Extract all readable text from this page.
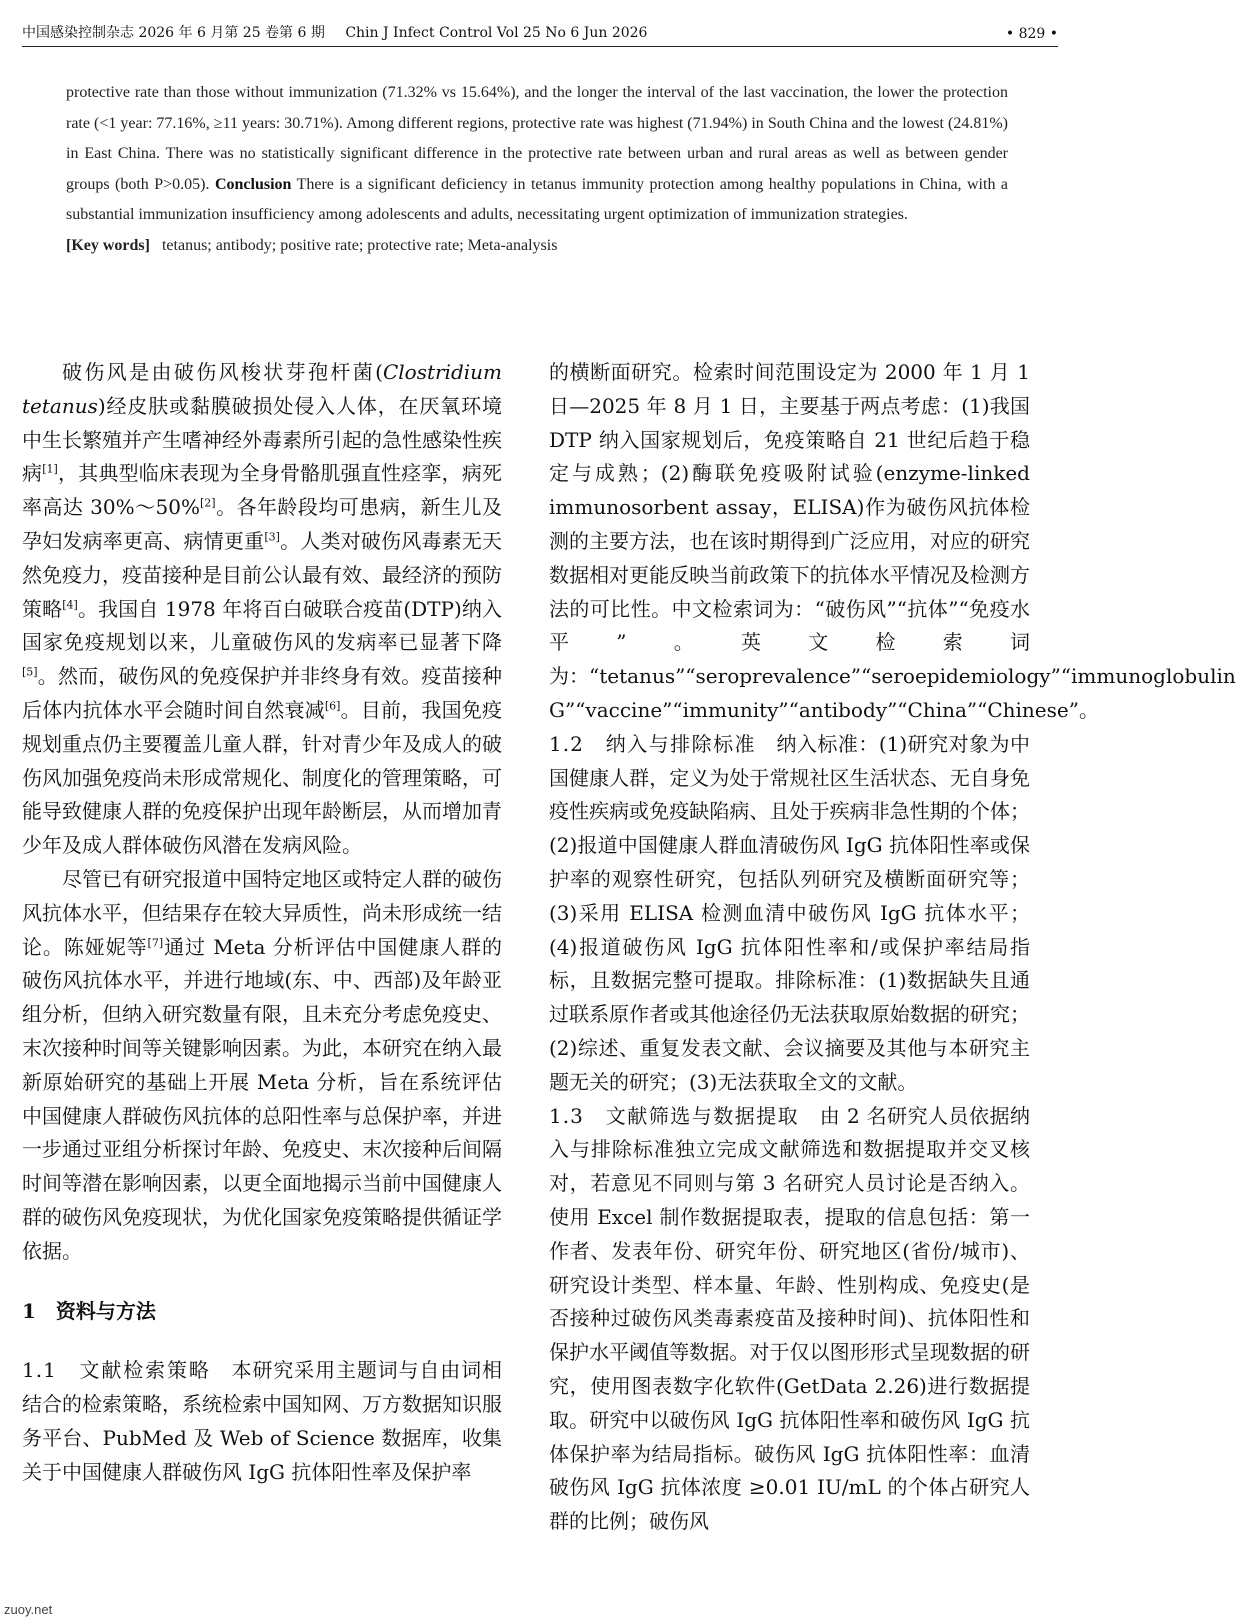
中国感染控制杂志 2026 年 6 月第 25 卷第 6 期 Chin J Infect Control Vol 25 No 6 Jun 2026	• 829 •

protective rate than those without immunization (71.32% vs 15.64%), and the longer the interval of the last vaccination, the lower the protection rate (<1 year: 77.16%, ≥11 years: 30.71%). Among different regions, protective rate was highest (71.94%) in South China and the lowest (24.81%) in East China. There was no statistically significant difference in the protective rate between urban and rural areas as well as between gender groups (both P>0.05). Conclusion There is a significant deficiency in tetanus immunity protection among healthy populations in China, with a substantial immunization insufficiency among adolescents and adults, necessitating urgent optimization of immunization strategies.

[Key words] tetanus; antibody; positive rate; protective rate; Meta-analysis

破伤风是由破伤风梭状芽孢杆菌(Clostridium tetanus)经皮肤或黏膜破损处侵入人体，在厌氧环境中生长繁殖并产生嗜神经外毒素所引起的急性感染性疾病[1]，其典型临床表现为全身骨骼肌强直性痉挛，病死率高达 30%～50%[2]。各年龄段均可患病，新生儿及孕妇发病率更高、病情更重[3]。人类对破伤风毒素无天然免疫力，疫苗接种是目前公认最有效、最经济的预防策略[4]。我国自 1978 年将百白破联合疫苗(DTP)纳入国家免疫规划以来，儿童破伤风的发病率已显著下降[5]。然而，破伤风的免疫保护并非终身有效。疫苗接种后体内抗体水平会随时间自然衰减[6]。目前，我国免疫规划重点仍主要覆盖儿童人群，针对青少年及成人的破伤风加强免疫尚未形成常规化、制度化的管理策略，可能导致健康人群的免疫保护出现年龄断层，从而增加青少年及成人群体破伤风潜在发病风险。

尽管已有研究报道中国特定地区或特定人群的破伤风抗体水平，但结果存在较大异质性，尚未形成统一结论。陈娅妮等[7]通过 Meta 分析评估中国健康人群的破伤风抗体水平，并进行地域(东、中、西部)及年龄亚组分析，但纳入研究数量有限，且未充分考虑免疫史、末次接种时间等关键影响因素。为此，本研究在纳入最新原始研究的基础上开展 Meta 分析，旨在系统评估中国健康人群破伤风抗体的总阳性率与总保护率，并进一步通过亚组分析探讨年龄、免疫史、末次接种后间隔时间等潜在影响因素，以更全面地揭示当前中国健康人群的破伤风免疫现状，为优化国家免疫策略提供循证学依据。

1　资料与方法

1.1　文献检索策略　 本研究采用主题词与自由词相结合的检索策略，系统检索中国知网、万方数据知识服务平台、PubMed 及 Web of Science 数据库，收集关于中国健康人群破伤风 IgG 抗体阳性率及保护率

的横断面研究。检索时间范围设定为 2000 年 1 月 1 日—2025 年 8 月 1 日，主要基于两点考虑：(1)我国 DTP 纳入国家规划后，免疫策略自 21 世纪后趋于稳定与成熟；(2)酶联免疫吸附试验(enzyme-linked immunosorbent assay，ELISA)作为破伤风抗体检测的主要方法，也在该时期得到广泛应用，对应的研究数据相对更能反映当前政策下的抗体水平情况及检测方法的可比性。中文检索词为：“破伤风”“抗体”“免疫水平”。英文检索词为：“tetanus”“seroprevalence”“seroepidemiology”“immunoglobulin G”“vaccine”“immunity”“antibody”“China”“Chinese”。

1.2　纳入与排除标准　 纳入标准：(1)研究对象为中国健康人群，定义为处于常规社区生活状态、无自身免疫性疾病或免疫缺陷病、且处于疾病非急性期的个体；(2)报道中国健康人群血清破伤风 IgG 抗体阳性率或保护率的观察性研究，包括队列研究及横断面研究等；(3)采用 ELISA 检测血清中破伤风 IgG 抗体水平；(4)报道破伤风 IgG 抗体阳性率和/或保护率结局指标，且数据完整可提取。排除标准：(1)数据缺失且通过联系原作者或其他途径仍无法获取原始数据的研究；(2)综述、重复发表文献、会议摘要及其他与本研究主题无关的研究；(3)无法获取全文的文献。

1.3　文献筛选与数据提取　 由 2 名研究人员依据纳入与排除标准独立完成文献筛选和数据提取并交叉核对，若意见不同则与第 3 名研究人员讨论是否纳入。使用 Excel 制作数据提取表，提取的信息包括：第一作者、发表年份、研究年份、研究地区(省份/城市)、研究设计类型、样本量、年龄、性别构成、免疫史(是否接种过破伤风类毒素疫苗及接种时间)、抗体阳性和保护水平阈值等数据。对于仅以图形形式呈现数据的研究，使用图表数字化软件(GetData 2.26)进行数据提取。研究中以破伤风 IgG 抗体阳性率和破伤风 IgG 抗体保护率为结局指标。破伤风 IgG 抗体阳性率：血清破伤风 IgG 抗体浓度 ≥0.01 IU/mL 的个体占研究人群的比例；破伤风

zuoy.net
